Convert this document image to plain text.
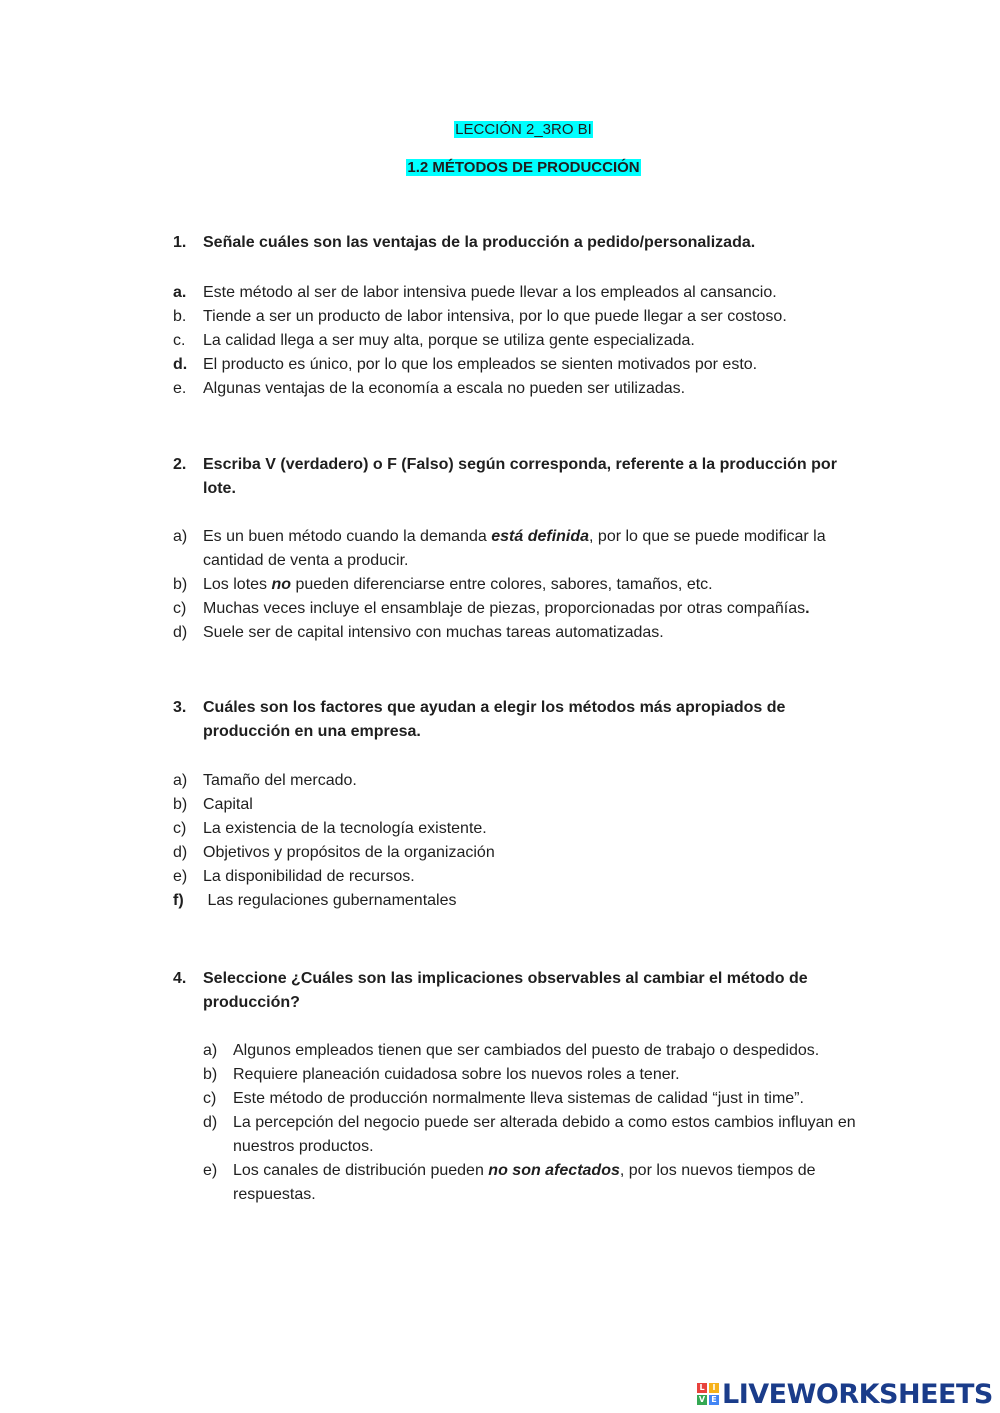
LECCIÓN 2_3RO BI
1.2 MÉTODOS DE PRODUCCIÓN
1. Señale cuáles son las ventajas de la producción a pedido/personalizada.
a. Este método al ser de labor intensiva puede llevar a los empleados al cansancio.
b. Tiende a ser un producto de labor intensiva, por lo que puede llegar a ser costoso.
c. La calidad llega a ser muy alta, porque se utiliza gente especializada.
d. El producto es único, por lo que los empleados se sienten motivados por esto.
e. Algunas ventajas de la economía a escala no pueden ser utilizadas.
2. Escriba V (verdadero) o F (Falso) según corresponda, referente a la producción por lote.
a) Es un buen método cuando la demanda está definida, por lo que se puede modificar la cantidad de venta a producir.
b) Los lotes no pueden diferenciarse entre colores, sabores, tamaños, etc.
c) Muchas veces incluye el ensamblaje de piezas, proporcionadas por otras compañías.
d) Suele ser de capital intensivo con muchas tareas automatizadas.
3. Cuáles son los factores que ayudan a elegir los métodos más apropiados de producción en una empresa.
a) Tamaño del mercado.
b) Capital
c) La existencia de la tecnología existente.
d) Objetivos y propósitos de la organización
e) La disponibilidad de recursos.
f) Las regulaciones gubernamentales
4. Seleccione ¿Cuáles son las implicaciones observables al cambiar el método de producción?
a) Algunos empleados tienen que ser cambiados del puesto de trabajo o despedidos.
b) Requiere planeación cuidadosa sobre los nuevos roles a tener.
c) Este método de producción normalmente lleva sistemas de calidad “just in time”.
d) La percepción del negocio puede ser alterada debido a como estos cambios influyan en nuestros productos.
e) Los canales de distribución pueden no son afectados, por los nuevos tiempos de respuestas.
L I
V E LIVEWORKSHEETS
